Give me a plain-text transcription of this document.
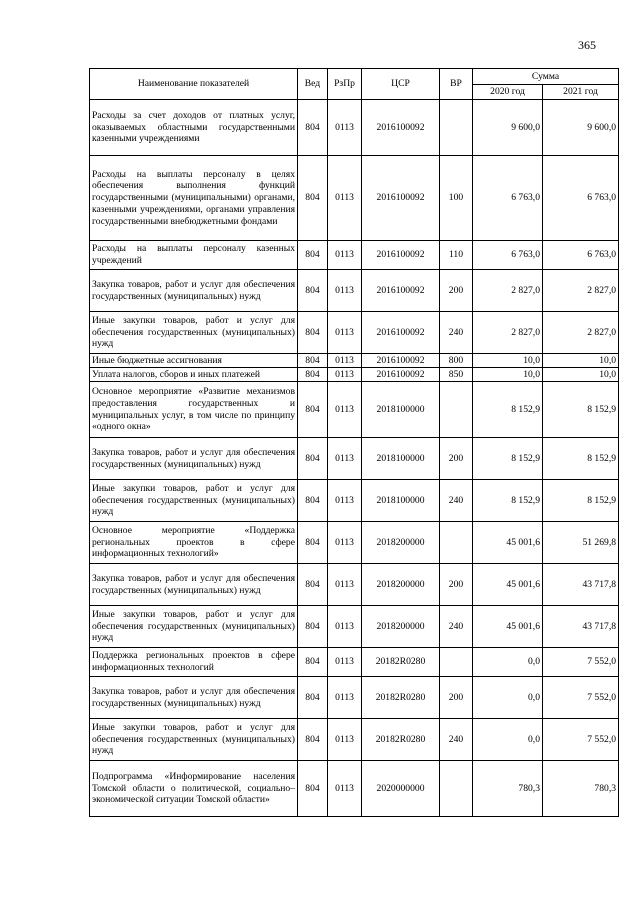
365
Наименование показателей	Вед	РзПр	ЦСР	ВР	Сумма	
					2020 год	2021 год
Расходы за счет доходов от платных услуг, оказываемых областными государственными казенными учреждениями	804	0113	2016100092		9 600,0	9 600,0
Расходы на выплаты персоналу в целях обеспечения выполнения функций государственными (муниципальными) органами, казенными учреждениями, органами управления государственными внебюджетными фондами	804	0113	2016100092	100	6 763,0	6 763,0
Расходы на выплаты персоналу казенных учреждений	804	0113	2016100092	110	6 763,0	6 763,0
Закупка товаров, работ и услуг для обеспечения государственных (муниципальных) нужд	804	0113	2016100092	200	2 827,0	2 827,0
Иные закупки товаров, работ и услуг для обеспечения государственных (муниципальных) нужд	804	0113	2016100092	240	2 827,0	2 827,0
Иные бюджетные ассигнования	804	0113	2016100092	800	10,0	10,0
Уплата налогов, сборов и иных платежей	804	0113	2016100092	850	10,0	10,0
Основное мероприятие «Развитие механизмов предоставления государственных и муниципальных услуг, в том числе по принципу «одного окна»	804	0113	2018100000		8 152,9	8 152,9
Закупка товаров, работ и услуг для обеспечения государственных (муниципальных) нужд	804	0113	2018100000	200	8 152,9	8 152,9
Иные закупки товаров, работ и услуг для обеспечения государственных (муниципальных) нужд	804	0113	2018100000	240	8 152,9	8 152,9
Основное мероприятие «Поддержка региональных проектов в сфере информационных технологий»	804	0113	2018200000		45 001,6	51 269,8
Закупка товаров, работ и услуг для обеспечения государственных (муниципальных) нужд	804	0113	2018200000	200	45 001,6	43 717,8
Иные закупки товаров, работ и услуг для обеспечения государственных (муниципальных) нужд	804	0113	2018200000	240	45 001,6	43 717,8
Поддержка региональных проектов в сфере информационных технологий	804	0113	20182R0280		0,0	7 552,0
Закупка товаров, работ и услуг для обеспечения государственных (муниципальных) нужд	804	0113	20182R0280	200	0,0	7 552,0
Иные закупки товаров, работ и услуг для обеспечения государственных (муниципальных) нужд	804	0113	20182R0280	240	0,0	7 552,0
Подпрограмма «Информирование населения Томской области о политической, социально–экономической ситуации Томской области»	804	0113	2020000000		780,3	780,3
